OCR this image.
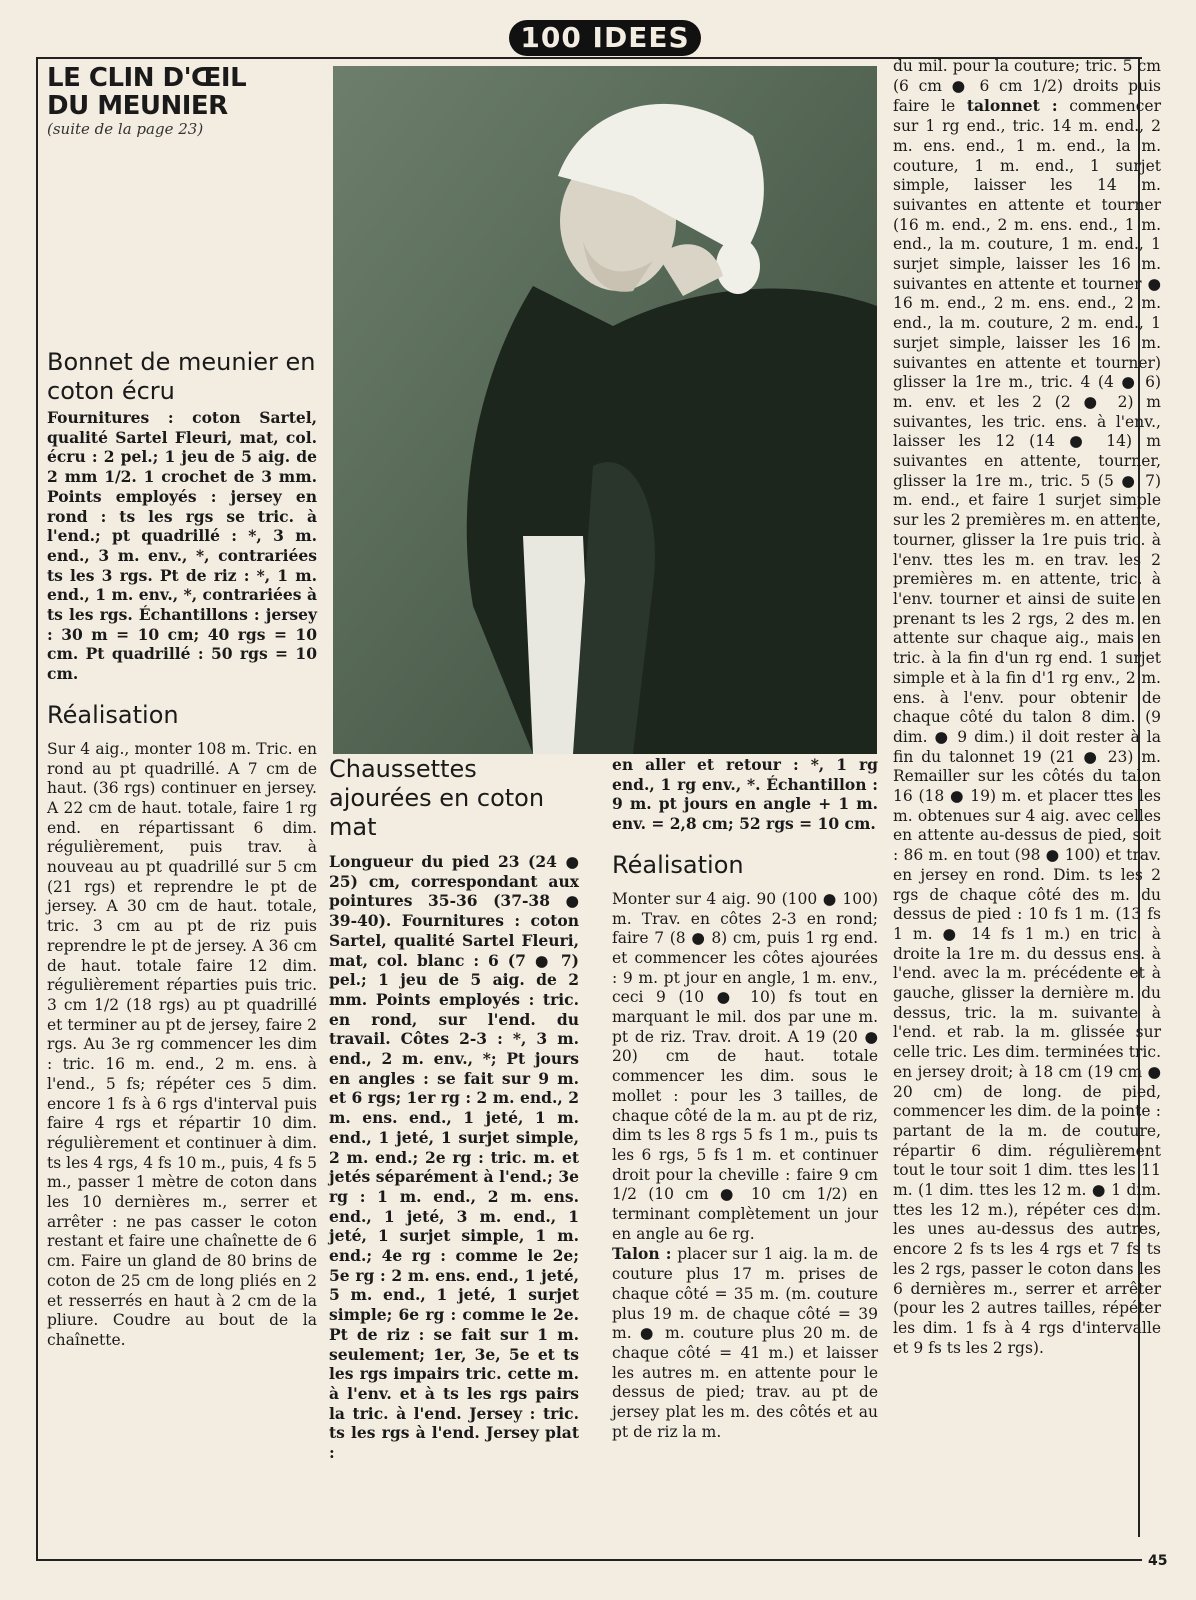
100 IDEES
45
LE CLIN D'ŒIL
DU MEUNIER

(suite de la page 23)

Bonnet de meunier en coton écru

Fournitures : coton Sartel, qualité Sartel Fleuri, mat, col. écru : 2 pel.; 1 jeu de 5 aig. de 2 mm 1/2. 1 crochet de 3 mm. Points employés : jersey en rond : ts les rgs se tric. à l'end.; pt quadrillé : *, 3 m. end., 3 m. env., *, contrariées ts les 3 rgs. Pt de riz : *, 1 m. end., 1 m. env., *, contrariées à ts les rgs. Échantillons : jersey : 30 m = 10 cm; 40 rgs = 10 cm. Pt quadrillé : 50 rgs = 10 cm.

Réalisation

Sur 4 aig., monter 108 m. Tric. en rond au pt quadrillé. A 7 cm de haut. (36 rgs) continuer en jersey. A 22 cm de haut. totale, faire 1 rg end. en répartissant 6 dim. régulièrement, puis trav. à nouveau au pt quadrillé sur 5 cm (21 rgs) et reprendre le pt de jersey. A 30 cm de haut. totale, tric. 3 cm au pt de riz puis reprendre le pt de jersey. A 36 cm de haut. totale faire 12 dim. régulièrement réparties puis tric. 3 cm 1/2 (18 rgs) au pt quadrillé et terminer au pt de jersey, faire 2 rgs. Au 3e rg commencer les dim : tric. 16 m. end., 2 m. ens. à l'end., 5 fs; répéter ces 5 dim. encore 1 fs à 6 rgs d'interval puis faire 4 rgs et répartir 10 dim. régulièrement et continuer à dim. ts les 4 rgs, 4 fs 10 m., puis, 4 fs 5 m., passer 1 mètre de coton dans les 10 dernières m., serrer et arrêter : ne pas casser le coton restant et faire une chaînette de 6 cm. Faire un gland de 80 brins de coton de 25 cm de long pliés en 2 et resserrés en haut à 2 cm de la pliure. Coudre au bout de la chaînette.

Chaussettes ajourées en coton mat

Longueur du pied 23 (24 ● 25) cm, correspondant aux pointures 35-36 (37-38 ● 39-40). Fournitures : coton Sartel, qualité Sartel Fleuri, mat, col. blanc : 6 (7 ● 7) pel.; 1 jeu de 5 aig. de 2 mm. Points employés : tric. en rond, sur l'end. du travail. Côtes 2-3 : *, 3 m. end., 2 m. env., *; Pt jours en angles : se fait sur 9 m. et 6 rgs; 1er rg : 2 m. end., 2 m. ens. end., 1 jeté, 1 m. end., 1 jeté, 1 surjet simple, 2 m. end.; 2e rg : tric. m. et jetés séparément à l'end.; 3e rg : 1 m. end., 2 m. ens. end., 1 jeté, 3 m. end., 1 jeté, 1 surjet simple, 1 m. end.; 4e rg : comme le 2e; 5e rg : 2 m. ens. end., 1 jeté, 5 m. end., 1 jeté, 1 surjet simple; 6e rg : comme le 2e. Pt de riz : se fait sur 1 m. seulement; 1er, 3e, 5e et ts les rgs impairs tric. cette m. à l'env. et à ts les rgs pairs la tric. à l'end. Jersey : tric. ts les rgs à l'end. Jersey plat :

en aller et retour : *, 1 rg end., 1 rg env., *. Échantillon : 9 m. pt jours en angle + 1 m. env. = 2,8 cm; 52 rgs = 10 cm.

Réalisation

Monter sur 4 aig. 90 (100 ● 100) m. Trav. en côtes 2-3 en rond; faire 7 (8 ● 8) cm, puis 1 rg end. et commencer les côtes ajourées : 9 m. pt jour en angle, 1 m. env., ceci 9 (10 ● 10) fs tout en marquant le mil. dos par une m. pt de riz. Trav. droit. A 19 (20 ● 20) cm de haut. totale commencer les dim. sous le mollet : pour les 3 tailles, de chaque côté de la m. au pt de riz, dim ts les 8 rgs 5 fs 1 m., puis ts les 6 rgs, 5 fs 1 m. et continuer droit pour la cheville : faire 9 cm 1/2 (10 cm ● 10 cm 1/2) en terminant complètement un jour en angle au 6e rg.

Talon : placer sur 1 aig. la m. de couture plus 17 m. prises de chaque côté = 35 m. (m. couture plus 19 m. de chaque côté = 39 m. ● m. couture plus 20 m. de chaque côté = 41 m.) et laisser les autres m. en attente pour le dessus de pied; trav. au pt de jersey plat les m. des côtés et au pt de riz la m.

du mil. pour la couture; tric. 5 cm (6 cm ● 6 cm 1/2) droits puis faire le talonnet : commencer sur 1 rg end., tric. 14 m. end., 2 m. ens. end., 1 m. end., la m. couture, 1 m. end., 1 surjet simple, laisser les 14 m. suivantes en attente et tourner (16 m. end., 2 m. ens. end., 1 m. end., la m. couture, 1 m. end., 1 surjet simple, laisser les 16 m. suivantes en attente et tourner ● 16 m. end., 2 m. ens. end., 2 m. end., la m. couture, 2 m. end., 1 surjet simple, laisser les 16 m. suivantes en attente et tourner) glisser la 1re m., tric. 4 (4 ● 6) m. env. et les 2 (2 ● 2) m suivantes, les tric. ens. à l'env., laisser les 12 (14 ● 14) m suivantes en attente, tourner, glisser la 1re m., tric. 5 (5 ● 7) m. end., et faire 1 surjet simple sur les 2 premières m. en attente, tourner, glisser la 1re puis tric. à l'env. ttes les m. en trav. les 2 premières m. en attente, tric. à l'env. tourner et ainsi de suite en prenant ts les 2 rgs, 2 des m. en attente sur chaque aig., mais en tric. à la fin d'un rg end. 1 surjet simple et à la fin d'1 rg env., 2 m. ens. à l'env. pour obtenir de chaque côté du talon 8 dim. (9 dim. ● 9 dim.) il doit rester à la fin du talonnet 19 (21 ● 23) m. Remailler sur les côtés du talon 16 (18 ● 19) m. et placer ttes les m. obtenues sur 4 aig. avec celles en attente au-dessus de pied, soit : 86 m. en tout (98 ● 100) et trav. en jersey en rond. Dim. ts les 2 rgs de chaque côté des m. du dessus de pied : 10 fs 1 m. (13 fs 1 m. ● 14 fs 1 m.) en tric. à droite la 1re m. du dessus ens. à l'end. avec la m. précédente et à gauche, glisser la dernière m. du dessus, tric. la m. suivante à l'end. et rab. la m. glissée sur celle tric. Les dim. terminées tric. en jersey droit; à 18 cm (19 cm ● 20 cm) de long. de pied, commencer les dim. de la pointe : partant de la m. de couture, répartir 6 dim. régulièrement tout le tour soit 1 dim. ttes les 11 m. (1 dim. ttes les 12 m. ● 1 dim. ttes les 12 m.), répéter ces dim. les unes au-dessus des autres, encore 2 fs ts les 4 rgs et 7 fs ts les 2 rgs, passer le coton dans les 6 dernières m., serrer et arrêter (pour les 2 autres tailles, répéter les dim. 1 fs à 4 rgs d'intervalle et 9 fs ts les 2 rgs).
